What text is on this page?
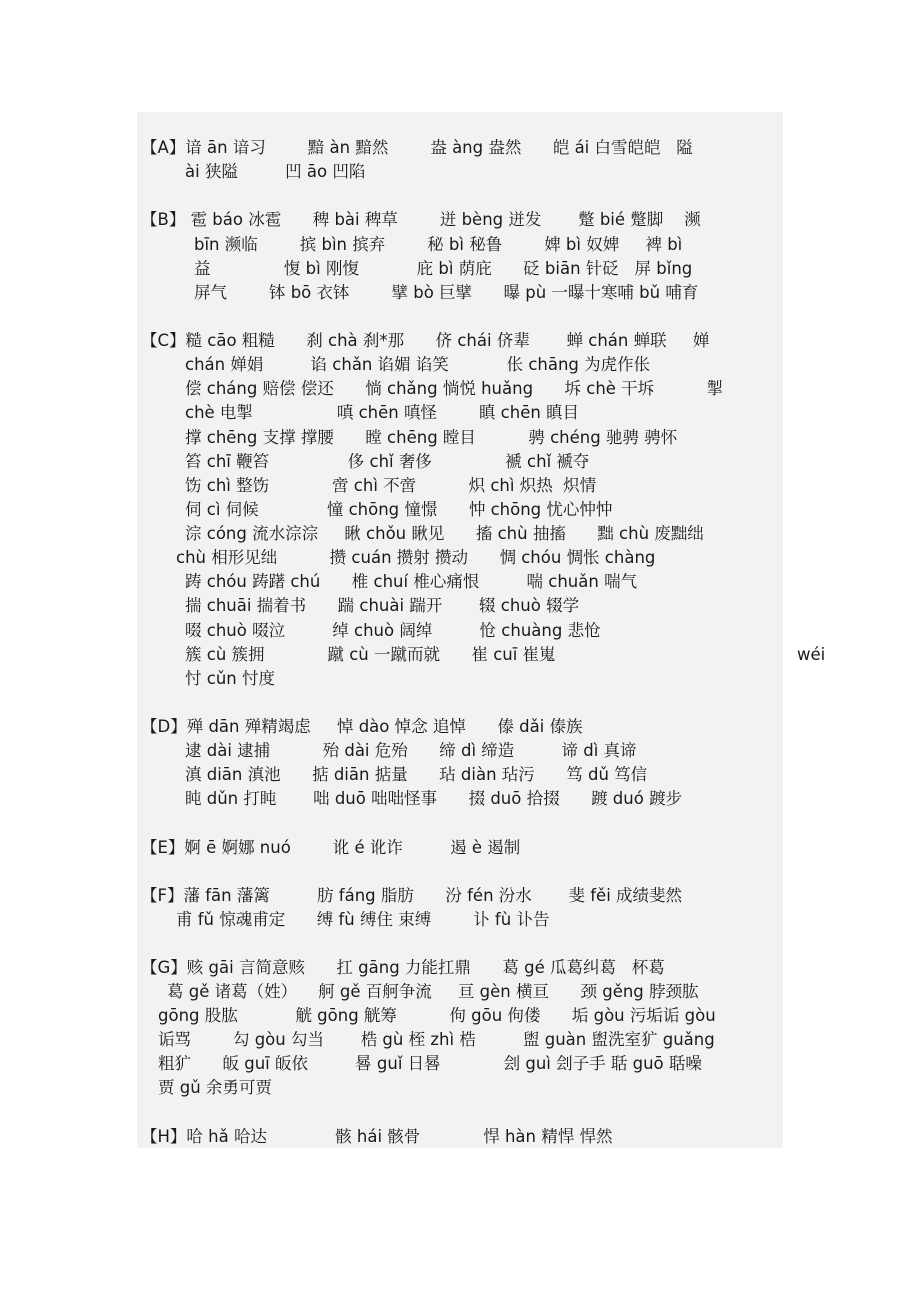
【A】谙 ān 谙习        黯 àn 黯然        盎 àng 盎然      皑 ái 白雪皑皑   隘
ài 狭隘         凹 āo 凹陷
【B】 雹 báo 冰雹      稗 bài 稗草        迸 bèng 迸发       蹩 bié 蹩脚    濒
bīn 濒临        摈 bìn 摈弃        秘 bì 秘鲁        婢 bì 奴婢     裨 bì
益              愎 bì 刚愎           庇 bì 荫庇      砭 biān 针砭   屏 bǐng
屏气        钵 bō 衣钵        擘 bò 巨擘      曝 pù 一曝十寒哺 bǔ 哺育
【C】糙 cāo 粗糙      刹 chà 刹*那      侪 chái 侪辈       蝉 chán 蝉联     婵
chán 婵娟         谄 chǎn 谄媚 谄笑           伥 chāng 为虎作伥
偿 cháng 赔偿 偿还      惝 chǎng 惝悦 huǎng      坼 chè 干坼          掣
chè 电掣                嗔 chēn 嗔怪        瞋 chēn 瞋目
撑 chēng 支撑 撑腰      瞠 chēng 瞠目          骋 chéng 驰骋 骋怀
笞 chī 鞭笞               侈 chǐ 奢侈              褫 chǐ 褫夺
饬 chì 整饬            啻 chì 不啻          炽 chì 炽热  炽情
伺 cì 伺候             憧 chōng 憧憬      忡 chōng 忧心忡忡
淙 cóng 流水淙淙     瞅 chǒu 瞅见      搐 chù 抽搐      黜 chù 废黜绌
chù 相形见绌          攒 cuán 攒射 攒动      惆 chóu 惆怅 chàng
踌 chóu 踌躇 chú      椎 chuí 椎心痛恨         喘 chuǎn 喘气
揣 chuāi 揣着书      踹 chuài 踹开       辍 chuò 辍学
啜 chuò 啜泣         绰 chuò 阔绰         怆 chuàng 悲怆
簇 cù 簇拥            蹴 cù 一蹴而就      崔 cuī 崔嵬	wéi
忖 cǔn 忖度
【D】殚 dān 殚精竭虑     悼 dào 悼念 追悼      傣 dǎi 傣族
逮 dài 逮捕          殆 dài 危殆      缔 dì 缔造         谛 dì 真谛
滇 diān 滇池      掂 diān 掂量      玷 diàn 玷污      笃 dǔ 笃信
盹 dǔn 打盹       咄 duō 咄咄怪事      掇 duō 拾掇      踱 duó 踱步
【E】婀 ē 婀娜 nuó        讹 é 讹诈         遏 è 遏制
【F】藩 fān 藩篱         肪 fáng 脂肪      汾 fén 汾水       斐 fěi 成绩斐然
甫 fǔ 惊魂甫定      缚 fù 缚住 束缚        讣 fù 讣告
【G】赅 gāi 言简意赅      扛 gāng 力能扛鼎      葛 gé 瓜葛纠葛   杯葛
葛 gě 诸葛（姓）    舸 gě 百舸争流     亘 gèn 横亘      颈 gěng 脖颈肱
gōng 股肱           觥 gōng 觥筹          佝 gōu 佝偻      垢 gòu 污垢诟 gòu
诟骂        勾 gòu 勾当       梏 gù 桎 zhì 梏         盥 guàn 盥洗室犷 guǎng
粗犷      皈 guī 皈依         晷 guǐ 日晷            刽 guì 刽子手 聒 guō 聒噪
贾 gǔ 余勇可贾
【H】哈 hǎ 哈达             骸 hái 骸骨            悍 hàn 精悍 悍然
